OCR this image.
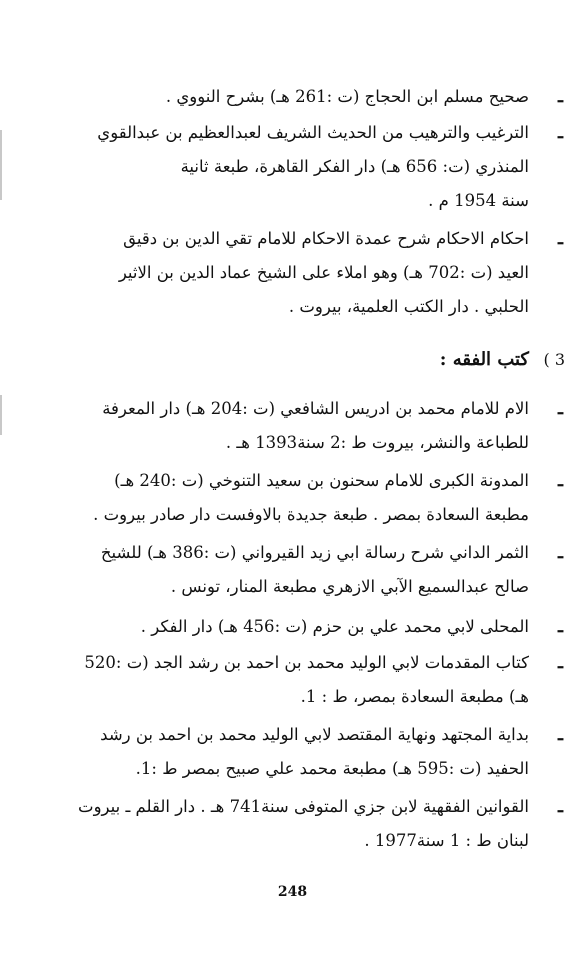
ـ
صحيح مسلم ابن الحجاج (ت :261 هـ) بشرح النووي .
ـ
الترغيب والترهيب من الحديث الشريف لعبدالعظيم بن عبدالقوي
المنذري (ت: 656 هـ) دار الفكر القاهرة، طبعة ثانية
سنة 1954 م .
ـ
احكام الاحكام شرح عمدة الاحكام للامام تقي الدين بن دقيق
العيد (ت :702 هـ) وهو املاء على الشيخ عماد الدين بن الاثير
الحلبي . دار الكتب العلمية، بيروت .
3 )
كتب الفقه :
ـ
الام للامام محمد بن ادريس الشافعي (ت :204 هـ) دار المعرفة
للطباعة والنشر، بيروت ط :2 سنة1393 هـ .
ـ
المدونة الكبرى للامام سحنون بن سعيد التنوخي (ت :240 هـ)
مطبعة السعادة بمصر . طبعة جديدة بالاوفست دار صادر بيروت .
ـ
الثمر الداني شرح رسالة ابي زيد القيرواني (ت :386 هـ) للشيخ
صالح عبدالسميع الآبي الازهري مطبعة المنار، تونس .
ـ
المحلى لابي محمد علي بن حزم (ت :456 هـ) دار الفكر .
ـ
كتاب المقدمات لابي الوليد محمد بن احمد بن رشد الجد (ت :520
هـ) مطبعة السعادة بمصر، ط : 1.
ـ
بداية المجتهد ونهاية المقتصد لابي الوليد محمد بن احمد بن رشد
الحفيد (ت :595 هـ) مطبعة محمد علي صبيح بمصر ط :1.
ـ
القوانين الفقهية لابن جزي المتوفى سنة741 هـ . دار القلم ـ بيروت
لبنان ط : 1 سنة1977 .
248
